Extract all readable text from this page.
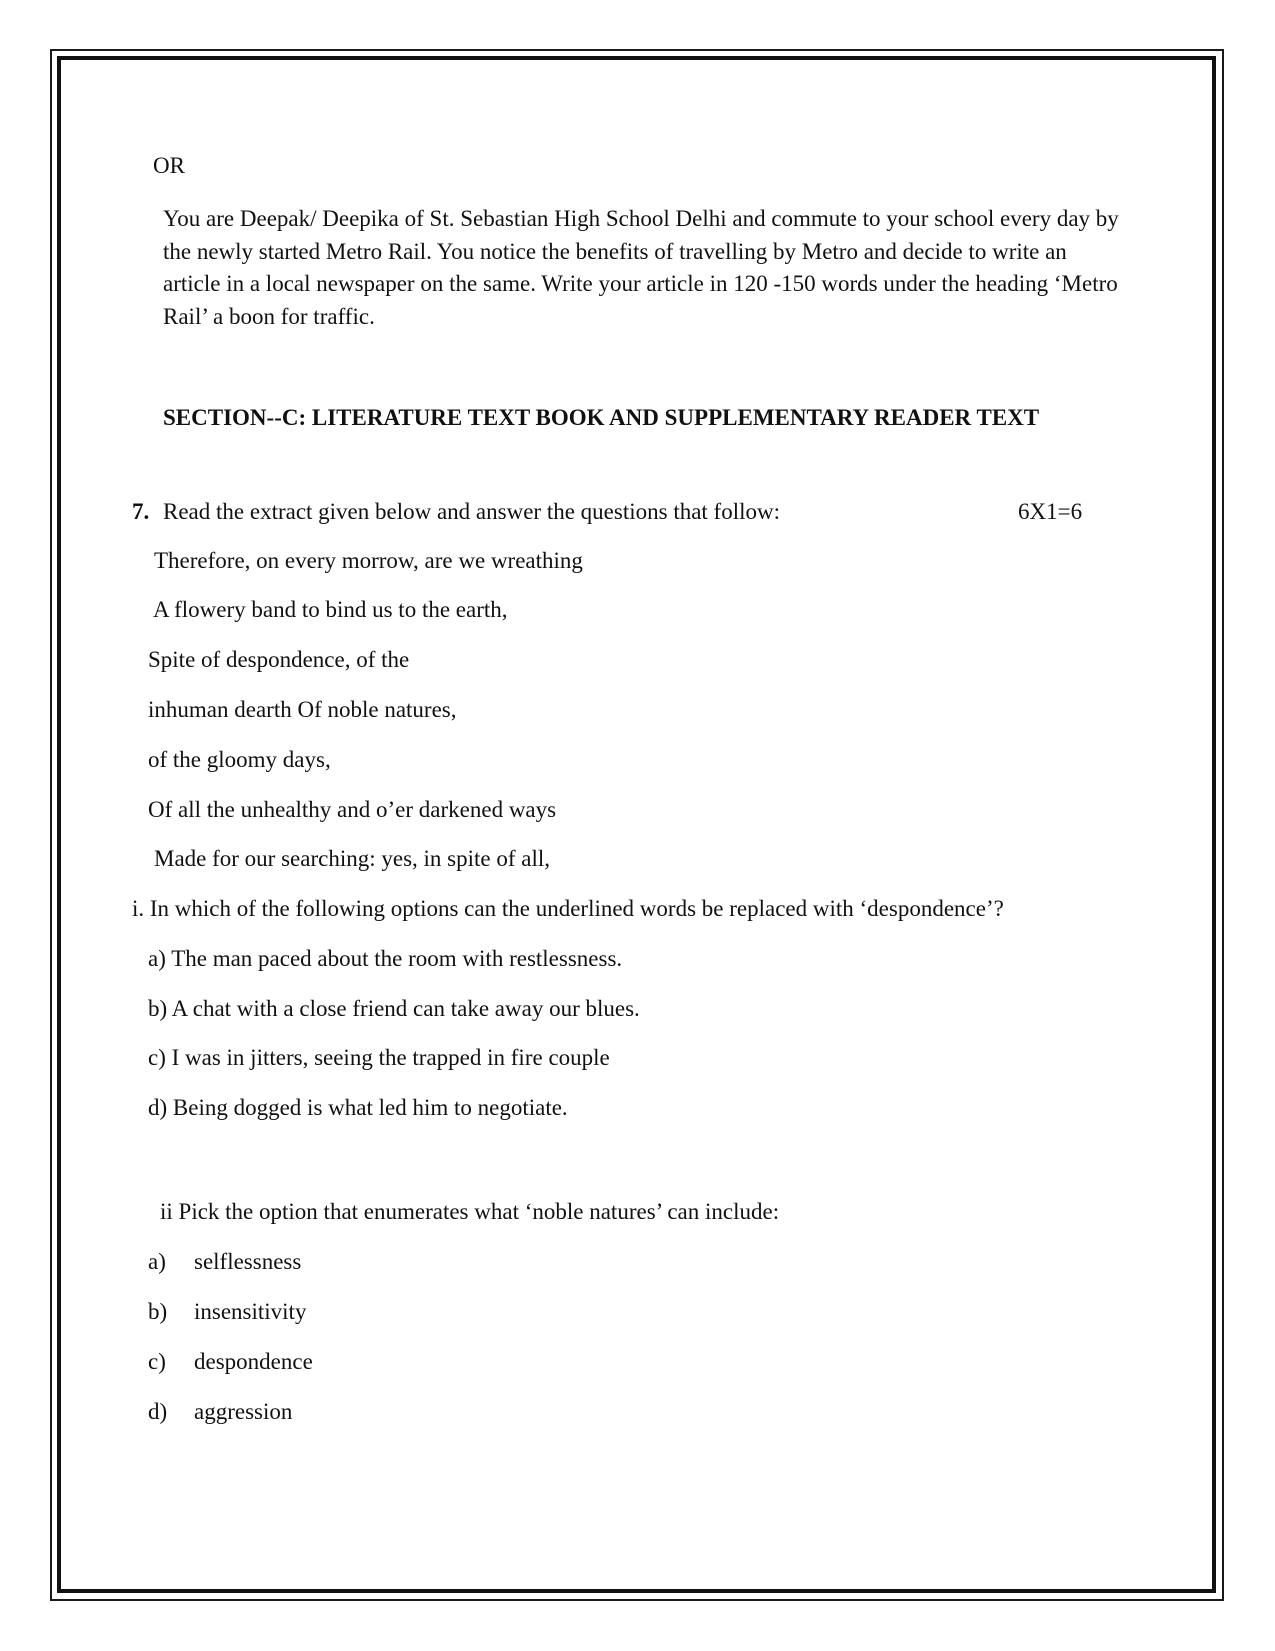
OR
You are Deepak/ Deepika of St. Sebastian High School Delhi and commute to your school every day by the newly started Metro Rail. You notice the benefits of travelling by Metro and decide to write an article in a local newspaper on the same. Write your article in 120 -150 words under the heading ‘Metro Rail’ a boon for traffic.
SECTION--C: LITERATURE TEXT BOOK AND SUPPLEMENTARY READER TEXT
7. Read the extract given below and answer the questions that follow:	6X1=6
Therefore, on every morrow, are we wreathing
A flowery band to bind us to the earth,
Spite of despondence, of the
inhuman dearth Of noble natures,
of the gloomy days,
Of all the unhealthy and o’er darkened ways
Made for our searching: yes, in spite of all,
i. In which of the following options can the underlined words be replaced with ‘despondence’?
a) The man paced about the room with restlessness.
b) A chat with a close friend can take away our blues.
c) I was in jitters, seeing the trapped in fire couple
d) Being dogged is what led him to negotiate.
ii Pick the option that enumerates what ‘noble natures’ can include:
a) selflessness
b) insensitivity
c) despondence
d) aggression
